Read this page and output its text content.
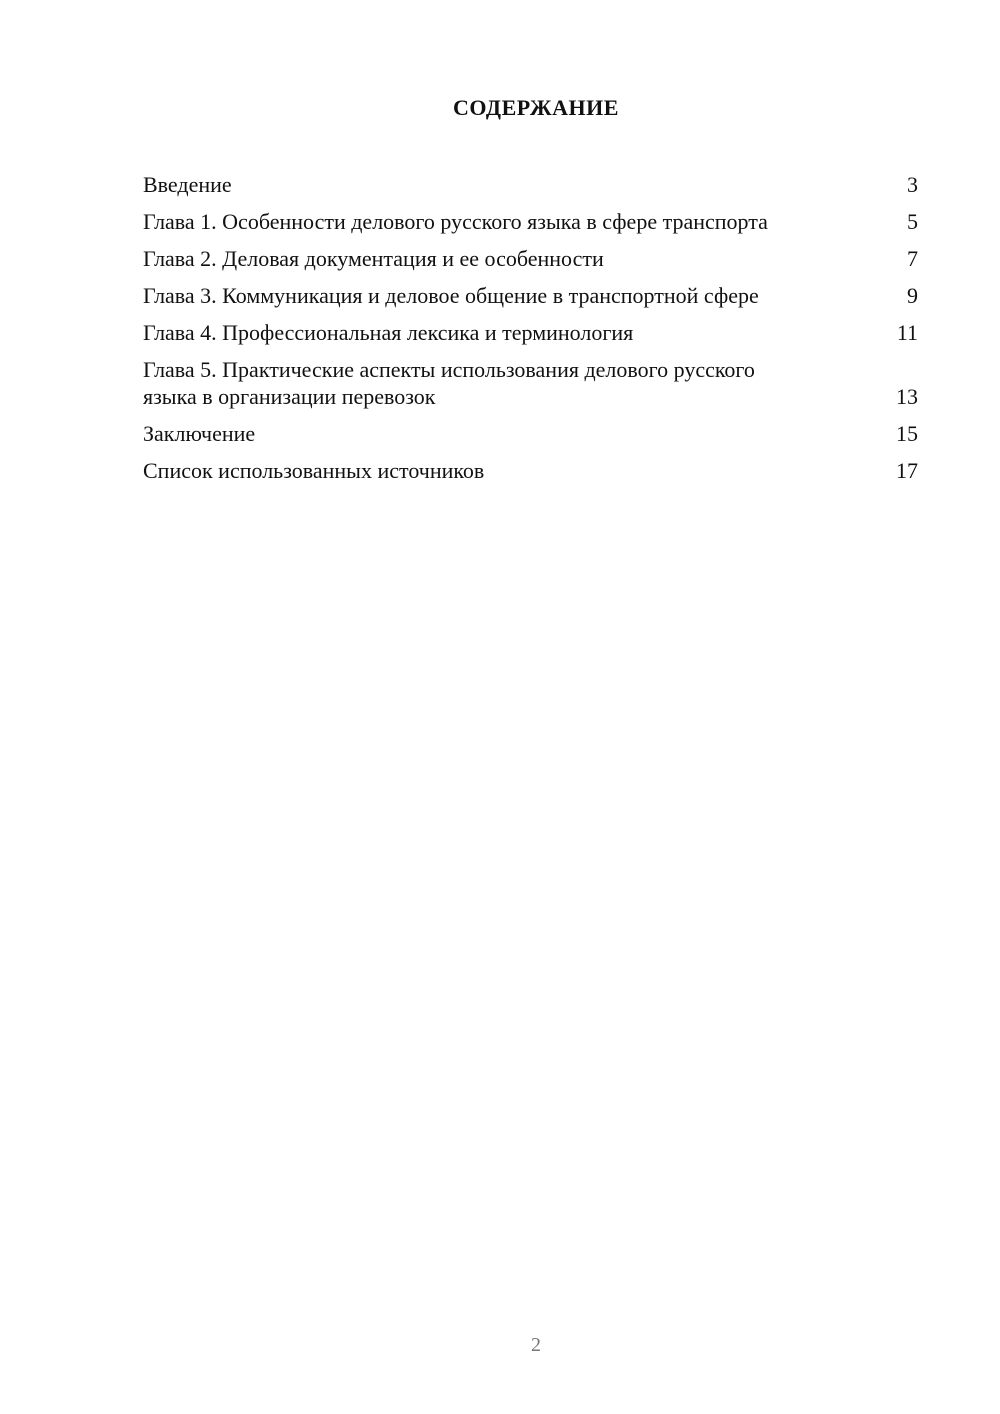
СОДЕРЖАНИЕ
Введение	3
Глава 1. Особенности делового русского языка в сфере транспорта	5
Глава 2. Деловая документация и ее особенности	7
Глава 3. Коммуникация и деловое общение в транспортной сфере	9
Глава 4. Профессиональная лексика и терминология	11
Глава 5. Практические аспекты использования делового русского языка в организации перевозок	13
Заключение	15
Список использованных источников	17
2
